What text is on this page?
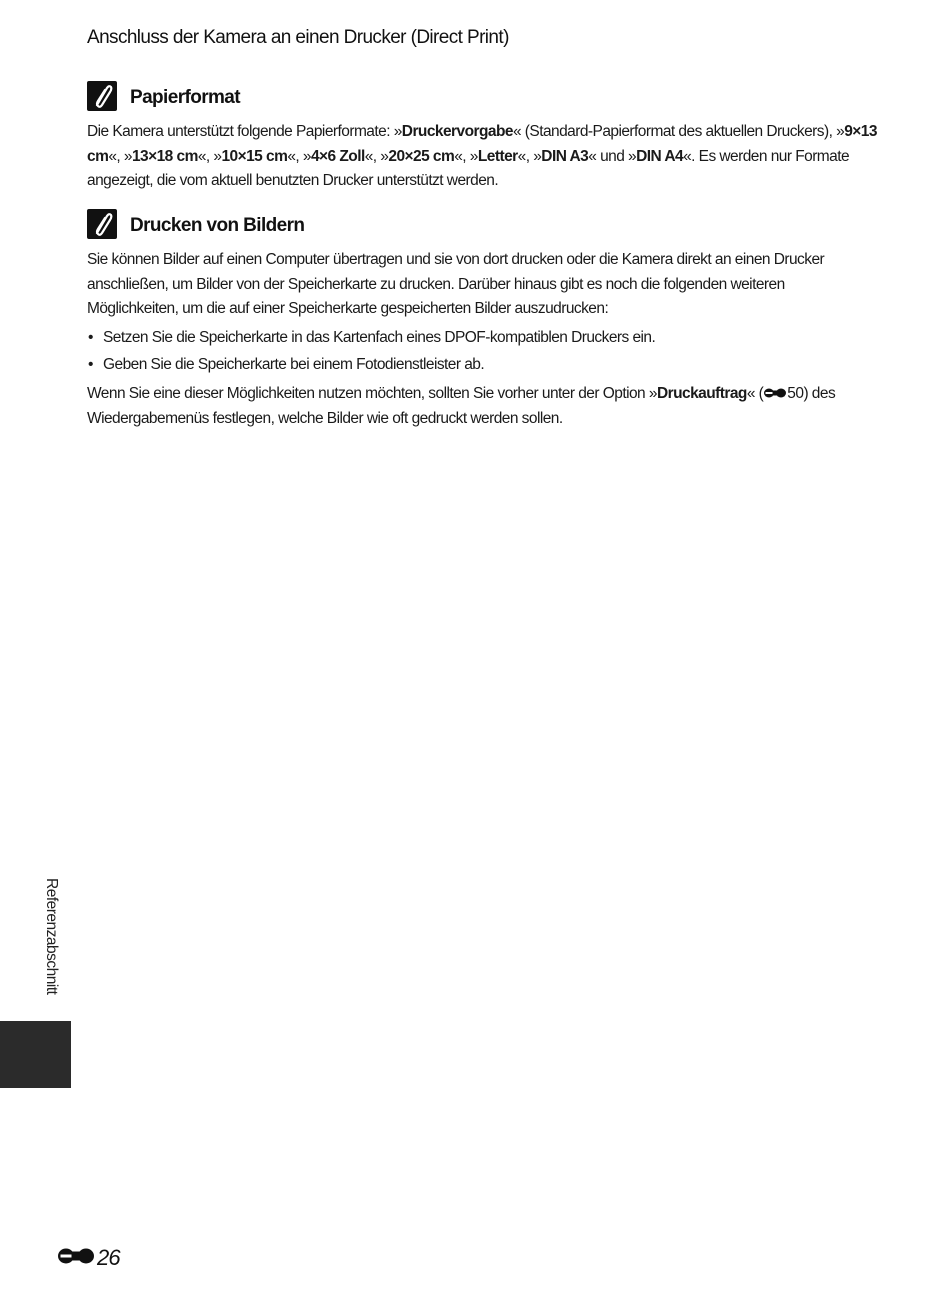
Anschluss der Kamera an einen Drucker (Direct Print)
Papierformat

Die Kamera unterstützt folgende Papierformate: »Druckervorgabe« (Standard-Papierformat des aktuellen Druckers), »9×13 cm«, »13×18 cm«, »10×15 cm«, »4×6 Zoll«, »20×25 cm«, »Letter«, »DIN A3« und »DIN A4«. Es werden nur Formate angezeigt, die vom aktuell benutzten Drucker unterstützt werden.

Drucken von Bildern

Sie können Bilder auf einen Computer übertragen und sie von dort drucken oder die Kamera direkt an einen Drucker anschließen, um Bilder von der Speicherkarte zu drucken. Darüber hinaus gibt es noch die folgenden weiteren Möglichkeiten, um die auf einer Speicherkarte gespeicherten Bilder auszudrucken:

• Setzen Sie die Speicherkarte in das Kartenfach eines DPOF-kompatiblen Druckers ein.
• Geben Sie die Speicherkarte bei einem Fotodienstleister ab.

Wenn Sie eine dieser Möglichkeiten nutzen möchten, sollten Sie vorher unter der Option »Druckauftrag« ( 50) des Wiedergabemenüs festlegen, welche Bilder wie oft gedruckt werden sollen.

Referenzabschnitt
26
